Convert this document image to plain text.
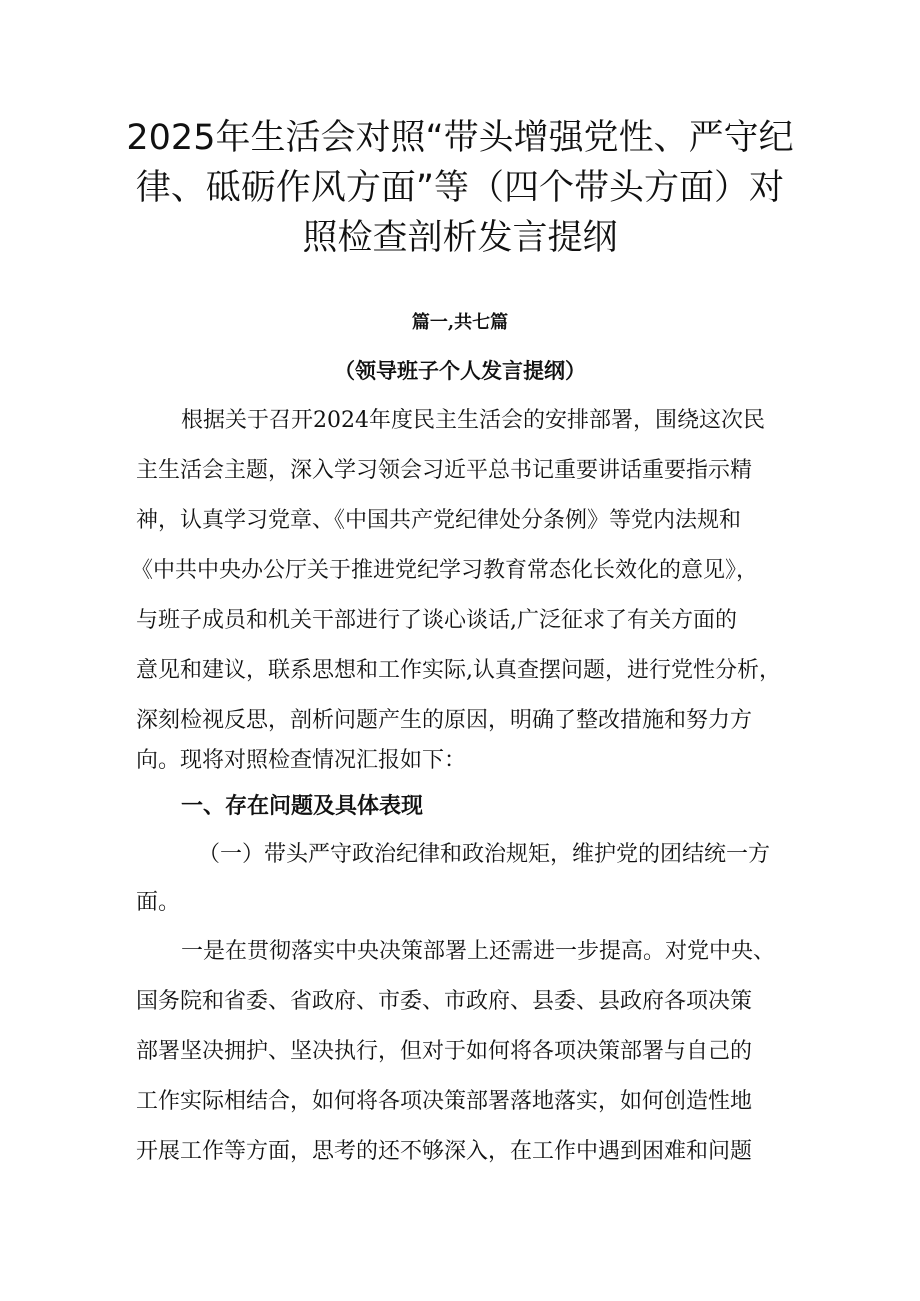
2025年生活会对照“带头增强党性、严守纪
律、砥砺作风方面”等（四个带头方面）对
照检查剖析发言提纲
篇一,共七篇
（领导班子个人发言提纲）
根据关于召开2024年度民主生活会的安排部署，围绕这次民
主生活会主题，深入学习领会习近平总书记重要讲话重要指示精
神，认真学习党章、《中国共产党纪律处分条例》等党内法规和
《中共中央办公厅关于推进党纪学习教育常态化长效化的意见》，
与班子成员和机关干部进行了谈心谈话,广泛征求了有关方面的
意见和建议，联系思想和工作实际,认真查摆问题，进行党性分析，
深刻检视反思，剖析问题产生的原因，明确了整改措施和努力方
向。现将对照检查情况汇报如下：
一、存在问题及具体表现
（一）带头严守政治纪律和政治规矩，维护党的团结统一方
面。
一是在贯彻落实中央决策部署上还需进一步提高。对党中央、
国务院和省委、省政府、市委、市政府、县委、县政府各项决策
部署坚决拥护、坚决执行，但对于如何将各项决策部署与自己的
工作实际相结合，如何将各项决策部署落地落实，如何创造性地
开展工作等方面，思考的还不够深入，在工作中遇到困难和问题
